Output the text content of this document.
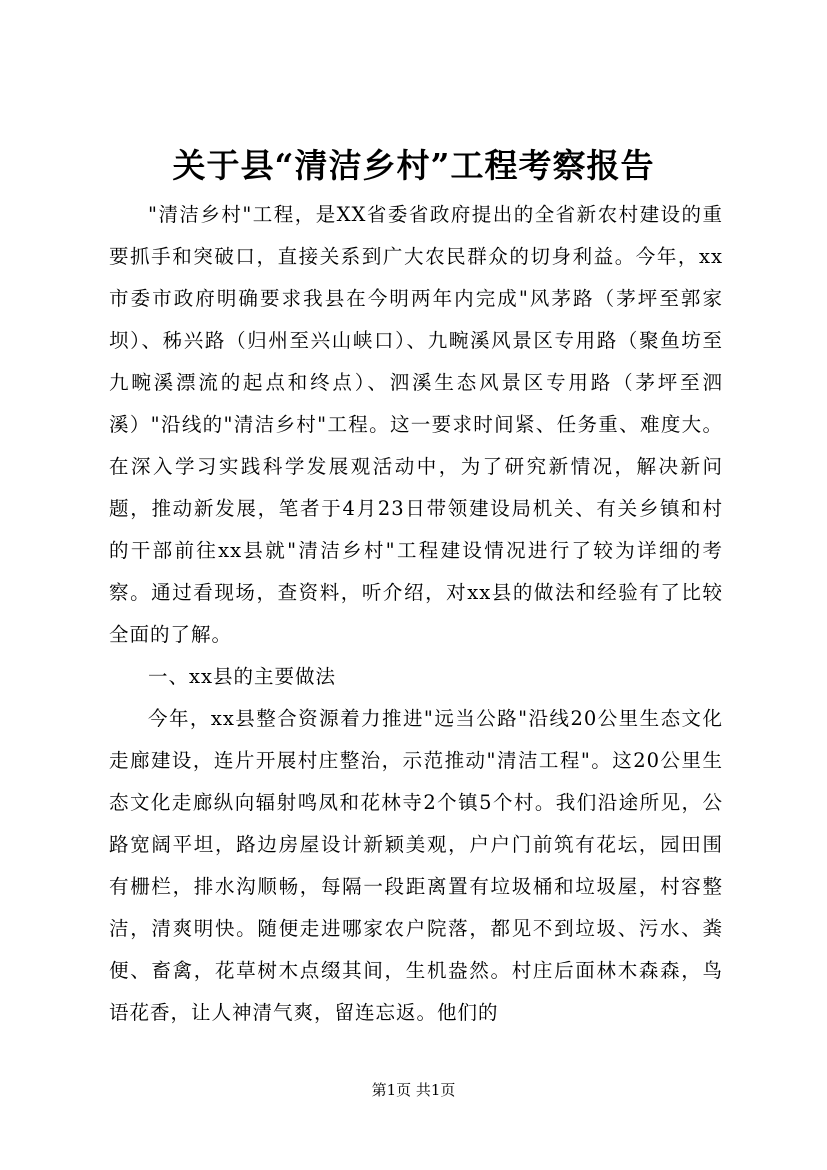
关于县“清洁乡村”工程考察报告

"清洁乡村"工程，是XX省委省政府提出的全省新农村建设的重要抓手和突破口，直接关系到广大农民群众的切身利益。今年，xx市委市政府明确要求我县在今明两年内完成"风茅路（茅坪至郭家坝）、秭兴路（归州至兴山峡口）、九畹溪风景区专用路（聚鱼坊至九畹溪漂流的起点和终点）、泗溪生态风景区专用路（茅坪至泗溪）"沿线的"清洁乡村"工程。这一要求时间紧、任务重、难度大。在深入学习实践科学发展观活动中，为了研究新情况，解决新问题，推动新发展，笔者于4月23日带领建设局机关、有关乡镇和村的干部前往xx县就"清洁乡村"工程建设情况进行了较为详细的考察。通过看现场，查资料，听介绍，对xx县的做法和经验有了比较全面的了解。

一、xx县的主要做法

今年，xx县整合资源着力推进"远当公路"沿线20公里生态文化走廊建设，连片开展村庄整治，示范推动"清洁工程"。这20公里生态文化走廊纵向辐射鸣凤和花林寺2个镇5个村。我们沿途所见，公路宽阔平坦，路边房屋设计新颖美观，户户门前筑有花坛，园田围有栅栏，排水沟顺畅，每隔一段距离置有垃圾桶和垃圾屋，村容整洁，清爽明快。随便走进哪家农户院落，都见不到垃圾、污水、粪便、畜禽，花草树木点缀其间，生机盎然。村庄后面林木森森，鸟语花香，让人神清气爽，留连忘返。他们的

第1页 共1页
